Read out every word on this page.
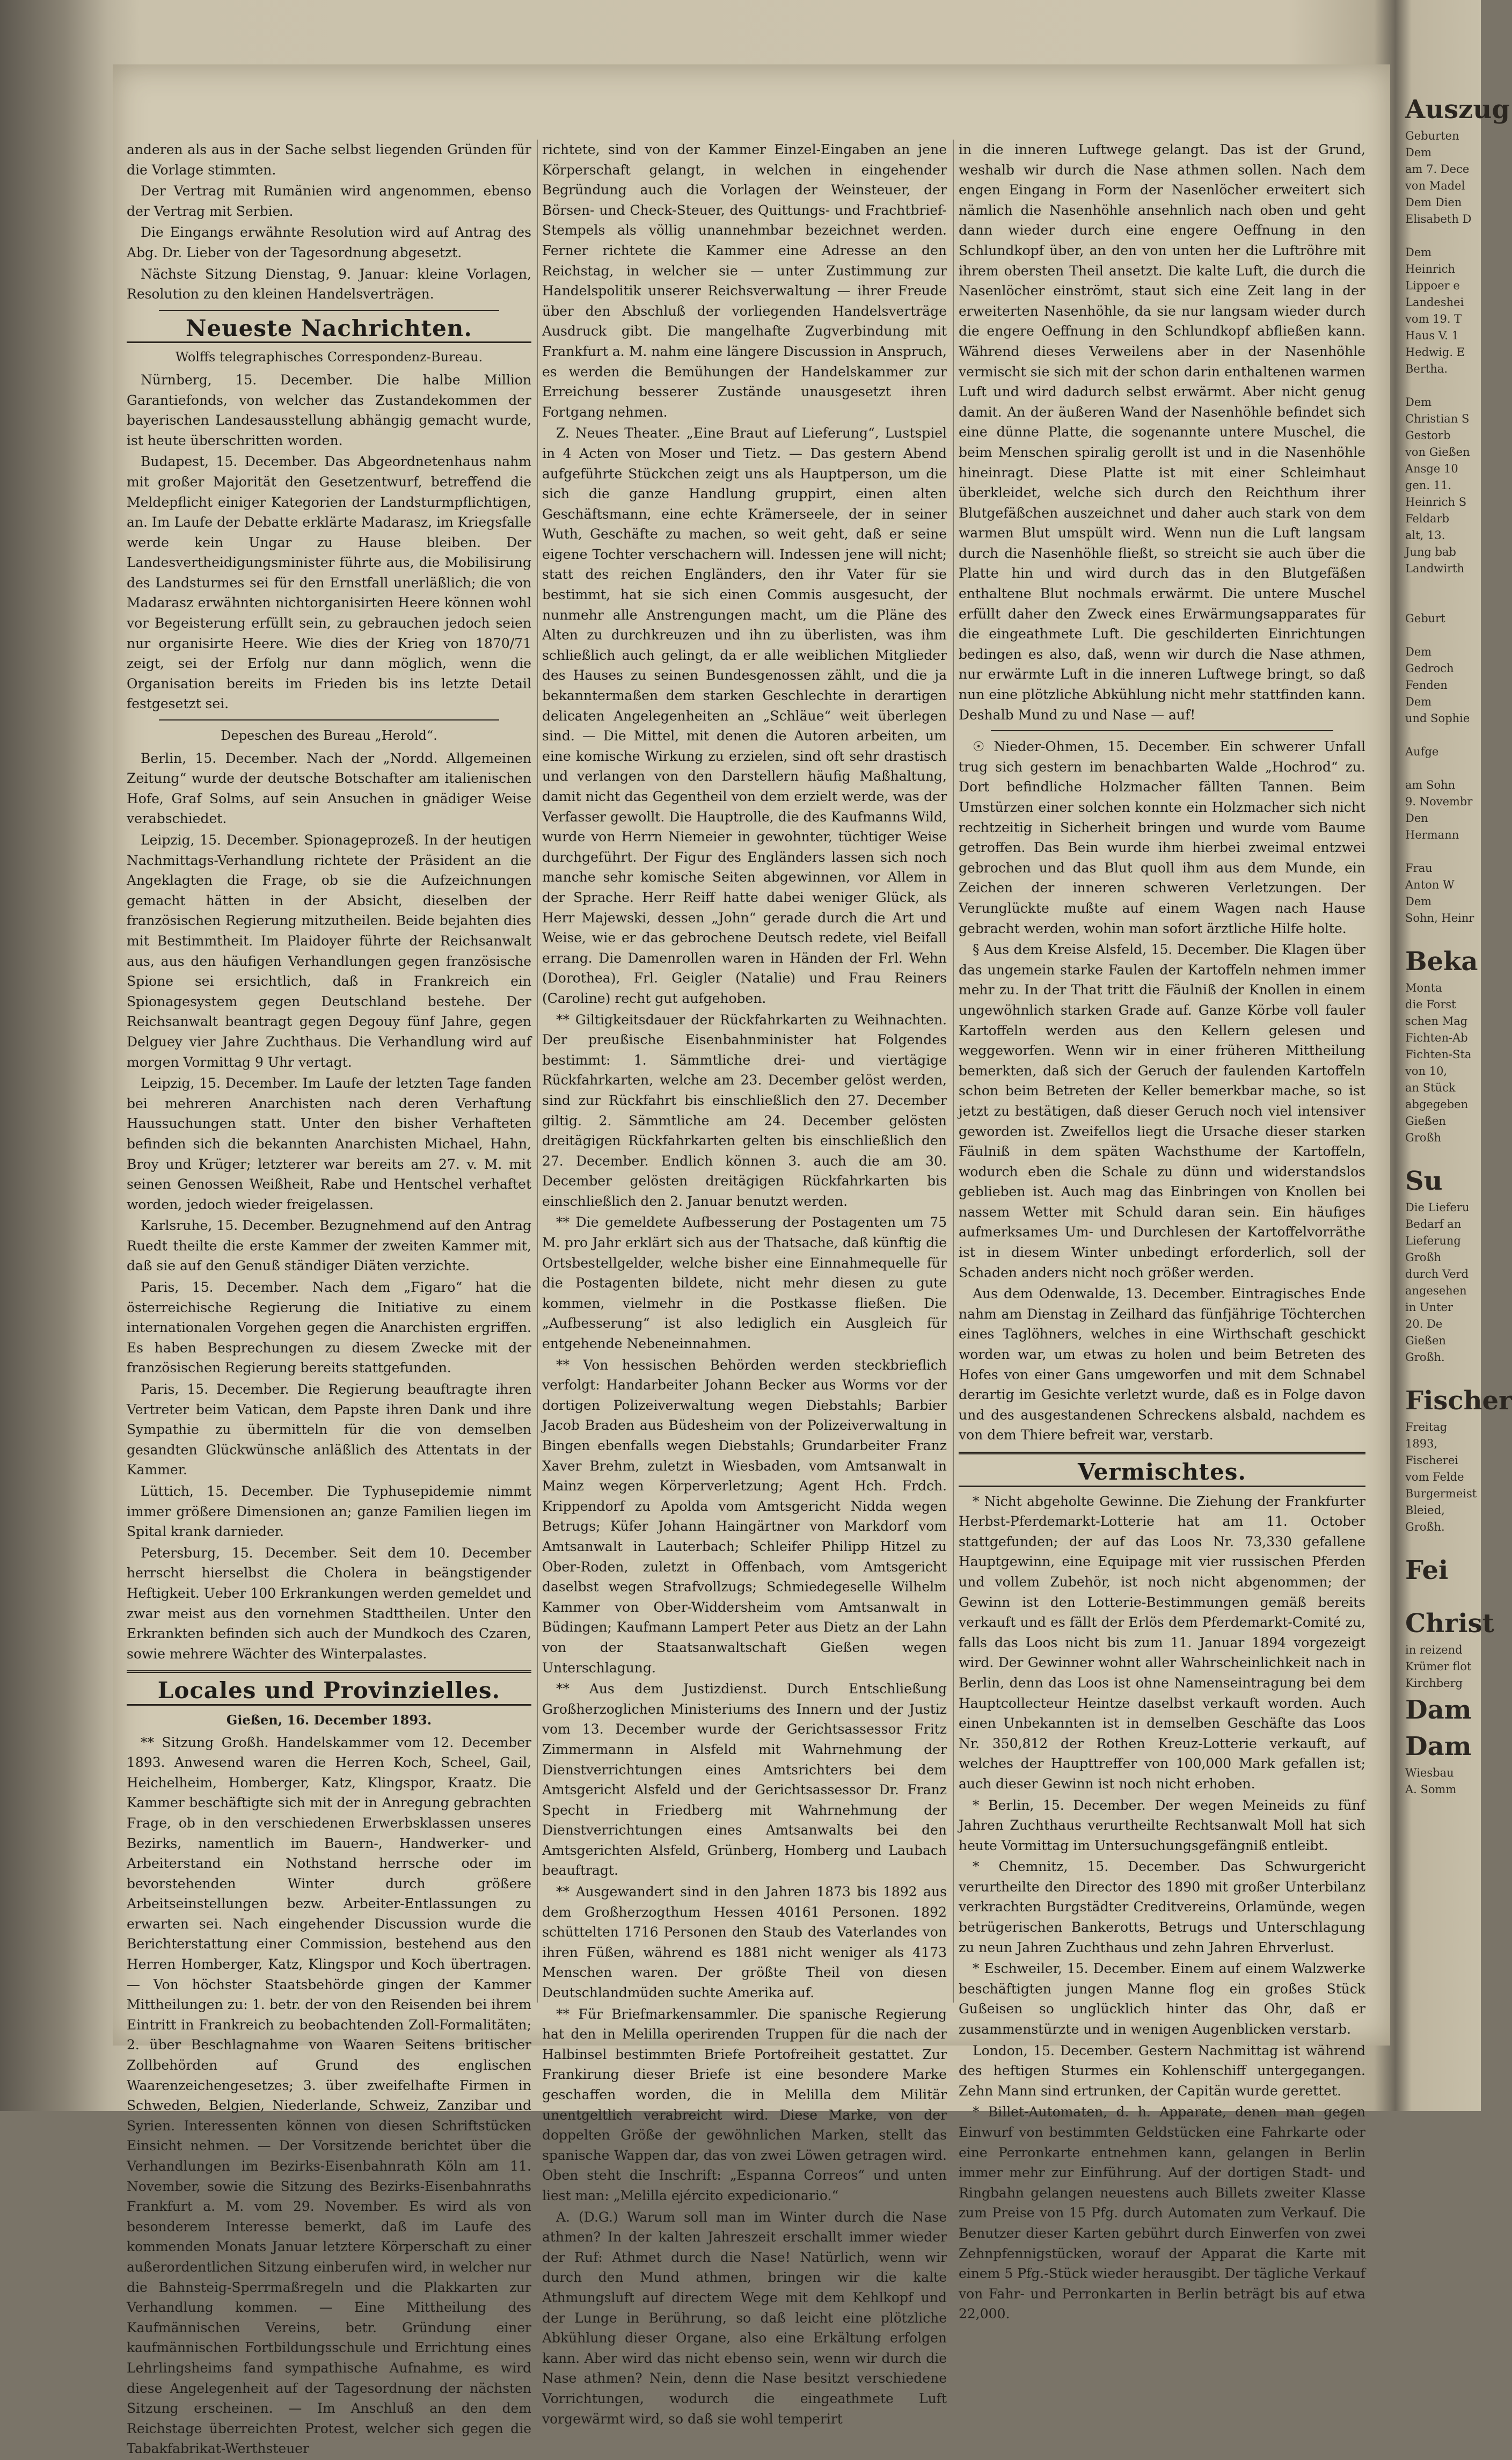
anderen als aus in der Sache selbst liegenden Gründen für die Vorlage stimmten.

Der Vertrag mit Rumänien wird angenommen, ebenso der Vertrag mit Serbien.

Die Eingangs erwähnte Resolution wird auf Antrag des Abg. Dr. Lieber von der Tagesordnung abgesetzt.

Nächste Sitzung Dienstag, 9. Januar: kleine Vorlagen, Resolution zu den kleinen Handelsverträgen.

Neueste Nachrichten.

Wolffs telegraphisches Correspondenz-Bureau.

Nürnberg, 15. December. Die halbe Million Garantiefonds, von welcher das Zustandekommen der bayerischen Landesausstellung abhängig gemacht wurde, ist heute überschritten worden.

Budapest, 15. December. Das Abgeordnetenhaus nahm mit großer Majorität den Gesetzentwurf, betreffend die Meldepflicht einiger Kategorien der Landsturmpflichtigen, an. Im Laufe der Debatte erklärte Madarasz, im Kriegsfalle werde kein Ungar zu Hause bleiben. Der Landesvertheidigungsminister führte aus, die Mobilisirung des Landsturmes sei für den Ernstfall unerläßlich; die von Madarasz erwähnten nichtorganisirten Heere können wohl vor Begeisterung erfüllt sein, zu gebrauchen jedoch seien nur organisirte Heere. Wie dies der Krieg von 1870/71 zeigt, sei der Erfolg nur dann möglich, wenn die Organisation bereits im Frieden bis ins letzte Detail festgesetzt sei.

Depeschen des Bureau „Herold“.

Berlin, 15. December. Nach der „Nordd. Allgemeinen Zeitung“ wurde der deutsche Botschafter am italienischen Hofe, Graf Solms, auf sein Ansuchen in gnädiger Weise verabschiedet.

Leipzig, 15. December. Spionageprozeß. In der heutigen Nachmittags-Verhandlung richtete der Präsident an die Angeklagten die Frage, ob sie die Aufzeichnungen gemacht hätten in der Absicht, dieselben der französischen Regierung mitzutheilen. Beide bejahten dies mit Bestimmtheit. Im Plaidoyer führte der Reichsanwalt aus, aus den häufigen Verhandlungen gegen französische Spione sei ersichtlich, daß in Frankreich ein Spionagesystem gegen Deutschland bestehe. Der Reichsanwalt beantragt gegen Degouy fünf Jahre, gegen Delguey vier Jahre Zuchthaus. Die Verhandlung wird auf morgen Vormittag 9 Uhr vertagt.

Leipzig, 15. December. Im Laufe der letzten Tage fanden bei mehreren Anarchisten nach deren Verhaftung Haussuchungen statt. Unter den bisher Verhafteten befinden sich die bekannten Anarchisten Michael, Hahn, Broy und Krüger; letzterer war bereits am 27. v. M. mit seinen Genossen Weißheit, Rabe und Hentschel verhaftet worden, jedoch wieder freigelassen.

Karlsruhe, 15. December. Bezugnehmend auf den Antrag Ruedt theilte die erste Kammer der zweiten Kammer mit, daß sie auf den Genuß ständiger Diäten verzichte.

Paris, 15. December. Nach dem „Figaro“ hat die österreichische Regierung die Initiative zu einem internationalen Vorgehen gegen die Anarchisten ergriffen. Es haben Besprechungen zu diesem Zwecke mit der französischen Regierung bereits stattgefunden.

Paris, 15. December. Die Regierung beauftragte ihren Vertreter beim Vatican, dem Papste ihren Dank und ihre Sympathie zu übermitteln für die von demselben gesandten Glückwünsche anläßlich des Attentats in der Kammer.

Lüttich, 15. December. Die Typhusepidemie nimmt immer größere Dimensionen an; ganze Familien liegen im Spital krank darnieder.

Petersburg, 15. December. Seit dem 10. December herrscht hierselbst die Cholera in beängstigender Heftigkeit. Ueber 100 Erkrankungen werden gemeldet und zwar meist aus den vornehmen Stadttheilen. Unter den Erkrankten befinden sich auch der Mundkoch des Czaren, sowie mehrere Wächter des Winterpalastes.

Locales und Provinzielles.

Gießen, 16. December 1893.

** Sitzung Großh. Handelskammer vom 12. December 1893. Anwesend waren die Herren Koch, Scheel, Gail, Heichelheim, Homberger, Katz, Klingspor, Kraatz. Die Kammer beschäftigte sich mit der in Anregung gebrachten Frage, ob in den verschiedenen Erwerbsklassen unseres Bezirks, namentlich im Bauern-, Handwerker- und Arbeiterstand ein Nothstand herrsche oder im bevorstehenden Winter durch größere Arbeitseinstellungen bezw. Arbeiter-Entlassungen zu erwarten sei. Nach eingehender Discussion wurde die Berichterstattung einer Commission, bestehend aus den Herren Homberger, Katz, Klingspor und Koch übertragen. — Von höchster Staatsbehörde gingen der Kammer Mittheilungen zu: 1. betr. der von den Reisenden bei ihrem Eintritt in Frankreich zu beobachtenden Zoll-Formalitäten; 2. über Beschlagnahme von Waaren Seitens britischer Zollbehörden auf Grund des englischen Waarenzeichengesetzes; 3. über zweifelhafte Firmen in Schweden, Belgien, Niederlande, Schweiz, Zanzibar und Syrien. Interessenten können von diesen Schriftstücken Einsicht nehmen. — Der Vorsitzende berichtet über die Verhandlungen im Bezirks-Eisenbahnrath Köln am 11. November, sowie die Sitzung des Bezirks-Eisenbahnraths Frankfurt a. M. vom 29. November. Es wird als von besonderem Interesse bemerkt, daß im Laufe des kommenden Monats Januar letztere Körperschaft zu einer außerordentlichen Sitzung einberufen wird, in welcher nur die Bahnsteig-Sperrmaßregeln und die Plakkarten zur Verhandlung kommen. — Eine Mittheilung des Kaufmännischen Vereins, betr. Gründung einer kaufmännischen Fortbildungsschule und Errichtung eines Lehrlingsheims fand sympathische Aufnahme, es wird diese Angelegenheit auf der Tagesordnung der nächsten Sitzung erscheinen. — Im Anschluß an den dem Reichstage überreichten Protest, welcher sich gegen die Tabakfabrikat-Werthsteuer

richtete, sind von der Kammer Einzel-Eingaben an jene Körperschaft gelangt, in welchen in eingehender Begründung auch die Vorlagen der Weinsteuer, der Börsen- und Check-Steuer, des Quittungs- und Frachtbrief-Stempels als völlig unannehmbar bezeichnet werden. Ferner richtete die Kammer eine Adresse an den Reichstag, in welcher sie — unter Zustimmung zur Handelspolitik unserer Reichsverwaltung — ihrer Freude über den Abschluß der vorliegenden Handelsverträge Ausdruck gibt. Die mangelhafte Zugverbindung mit Frankfurt a. M. nahm eine längere Discussion in Anspruch, es werden die Bemühungen der Handelskammer zur Erreichung besserer Zustände unausgesetzt ihren Fortgang nehmen.

Z. Neues Theater. „Eine Braut auf Lieferung“, Lustspiel in 4 Acten von Moser und Tietz. — Das gestern Abend aufgeführte Stückchen zeigt uns als Hauptperson, um die sich die ganze Handlung gruppirt, einen alten Geschäftsmann, eine echte Krämerseele, der in seiner Wuth, Geschäfte zu machen, so weit geht, daß er seine eigene Tochter verschachern will. Indessen jene will nicht; statt des reichen Engländers, den ihr Vater für sie bestimmt, hat sie sich einen Commis ausgesucht, der nunmehr alle Anstrengungen macht, um die Pläne des Alten zu durchkreuzen und ihn zu überlisten, was ihm schließlich auch gelingt, da er alle weiblichen Mitglieder des Hauses zu seinen Bundesgenossen zählt, und die ja bekanntermaßen dem starken Geschlechte in derartigen delicaten Angelegenheiten an „Schläue“ weit überlegen sind. — Die Mittel, mit denen die Autoren arbeiten, um eine komische Wirkung zu erzielen, sind oft sehr drastisch und verlangen von den Darstellern häufig Maßhaltung, damit nicht das Gegentheil von dem erzielt werde, was der Verfasser gewollt. Die Hauptrolle, die des Kaufmanns Wild, wurde von Herrn Niemeier in gewohnter, tüchtiger Weise durchgeführt. Der Figur des Engländers lassen sich noch manche sehr komische Seiten abgewinnen, vor Allem in der Sprache. Herr Reiff hatte dabei weniger Glück, als Herr Majewski, dessen „John“ gerade durch die Art und Weise, wie er das gebrochene Deutsch redete, viel Beifall errang. Die Damenrollen waren in Händen der Frl. Wehn (Dorothea), Frl. Geigler (Natalie) und Frau Reiners (Caroline) recht gut aufgehoben.

** Giltigkeitsdauer der Rückfahrkarten zu Weihnachten. Der preußische Eisenbahnminister hat Folgendes bestimmt: 1. Sämmtliche drei- und viertägige Rückfahrkarten, welche am 23. December gelöst werden, sind zur Rückfahrt bis einschließlich den 27. December giltig. 2. Sämmtliche am 24. December gelösten dreitägigen Rückfahrkarten gelten bis einschließlich den 27. December. Endlich können 3. auch die am 30. December gelösten dreitägigen Rückfahrkarten bis einschließlich den 2. Januar benutzt werden.

** Die gemeldete Aufbesserung der Postagenten um 75 M. pro Jahr erklärt sich aus der Thatsache, daß künftig die Ortsbestellgelder, welche bisher eine Einnahmequelle für die Postagenten bildete, nicht mehr diesen zu gute kommen, vielmehr in die Postkasse fließen. Die „Aufbesserung“ ist also lediglich ein Ausgleich für entgehende Nebeneinnahmen.

** Von hessischen Behörden werden steckbrieflich verfolgt: Handarbeiter Johann Becker aus Worms vor der dortigen Polizeiverwaltung wegen Diebstahls; Barbier Jacob Braden aus Büdesheim von der Polizeiverwaltung in Bingen ebenfalls wegen Diebstahls; Grundarbeiter Franz Xaver Brehm, zuletzt in Wiesbaden, vom Amtsanwalt in Mainz wegen Körperverletzung; Agent Hch. Frdch. Krippendorf zu Apolda vom Amtsgericht Nidda wegen Betrugs; Küfer Johann Haingärtner von Markdorf vom Amtsanwalt in Lauterbach; Schleifer Philipp Hitzel zu Ober-Roden, zuletzt in Offenbach, vom Amtsgericht daselbst wegen Strafvollzugs; Schmiedegeselle Wilhelm Kammer von Ober-Widdersheim vom Amtsanwalt in Büdingen; Kaufmann Lampert Peter aus Dietz an der Lahn von der Staatsanwaltschaft Gießen wegen Unterschlagung.

** Aus dem Justizdienst. Durch Entschließung Großherzoglichen Ministeriums des Innern und der Justiz vom 13. December wurde der Gerichtsassessor Fritz Zimmermann in Alsfeld mit Wahrnehmung der Dienstverrichtungen eines Amtsrichters bei dem Amtsgericht Alsfeld und der Gerichtsassessor Dr. Franz Specht in Friedberg mit Wahrnehmung der Dienstverrichtungen eines Amtsanwalts bei den Amtsgerichten Alsfeld, Grünberg, Homberg und Laubach beauftragt.

** Ausgewandert sind in den Jahren 1873 bis 1892 aus dem Großherzogthum Hessen 40161 Personen. 1892 schüttelten 1716 Personen den Staub des Vaterlandes von ihren Füßen, während es 1881 nicht weniger als 4173 Menschen waren. Der größte Theil von diesen Deutschlandmüden suchte Amerika auf.

** Für Briefmarkensammler. Die spanische Regierung hat den in Melilla operirenden Truppen für die nach der Halbinsel bestimmten Briefe Portofreiheit gestattet. Zur Frankirung dieser Briefe ist eine besondere Marke geschaffen worden, die in Melilla dem Militär unentgeltlich verabreicht wird. Diese Marke, von der doppelten Größe der gewöhnlichen Marken, stellt das spanische Wappen dar, das von zwei Löwen getragen wird. Oben steht die Inschrift: „Espanna Correos“ und unten liest man: „Melilla ejército expedicionario.“

A. (D.G.) Warum soll man im Winter durch die Nase athmen? In der kalten Jahreszeit erschallt immer wieder der Ruf: Athmet durch die Nase! Natürlich, wenn wir durch den Mund athmen, bringen wir die kalte Athmungsluft auf directem Wege mit dem Kehlkopf und der Lunge in Berührung, so daß leicht eine plötzliche Abkühlung dieser Organe, also eine Erkältung erfolgen kann. Aber wird das nicht ebenso sein, wenn wir durch die Nase athmen? Nein, denn die Nase besitzt verschiedene Vorrichtungen, wodurch die eingeathmete Luft vorgewärmt wird, so daß sie wohl temperirt

in die inneren Luftwege gelangt. Das ist der Grund, weshalb wir durch die Nase athmen sollen. Nach dem engen Eingang in Form der Nasenlöcher erweitert sich nämlich die Nasenhöhle ansehnlich nach oben und geht dann wieder durch eine engere Oeffnung in den Schlundkopf über, an den von unten her die Luftröhre mit ihrem obersten Theil ansetzt. Die kalte Luft, die durch die Nasenlöcher einströmt, staut sich eine Zeit lang in der erweiterten Nasenhöhle, da sie nur langsam wieder durch die engere Oeffnung in den Schlundkopf abfließen kann. Während dieses Verweilens aber in der Nasenhöhle vermischt sie sich mit der schon darin enthaltenen warmen Luft und wird dadurch selbst erwärmt. Aber nicht genug damit. An der äußeren Wand der Nasenhöhle befindet sich eine dünne Platte, die sogenannte untere Muschel, die beim Menschen spiralig gerollt ist und in die Nasenhöhle hineinragt. Diese Platte ist mit einer Schleimhaut überkleidet, welche sich durch den Reichthum ihrer Blutgefäßchen auszeichnet und daher auch stark von dem warmen Blut umspült wird. Wenn nun die Luft langsam durch die Nasenhöhle fließt, so streicht sie auch über die Platte hin und wird durch das in den Blutgefäßen enthaltene Blut nochmals erwärmt. Die untere Muschel erfüllt daher den Zweck eines Erwärmungsapparates für die eingeathmete Luft. Die geschilderten Einrichtungen bedingen es also, daß, wenn wir durch die Nase athmen, nur erwärmte Luft in die inneren Luftwege bringt, so daß nun eine plötzliche Abkühlung nicht mehr stattfinden kann. Deshalb Mund zu und Nase — auf!

☉ Nieder-Ohmen, 15. December. Ein schwerer Unfall trug sich gestern im benachbarten Walde „Hochrod“ zu. Dort befindliche Holzmacher fällten Tannen. Beim Umstürzen einer solchen konnte ein Holzmacher sich nicht rechtzeitig in Sicherheit bringen und wurde vom Baume getroffen. Das Bein wurde ihm hierbei zweimal entzwei gebrochen und das Blut quoll ihm aus dem Munde, ein Zeichen der inneren schweren Verletzungen. Der Verunglückte mußte auf einem Wagen nach Hause gebracht werden, wohin man sofort ärztliche Hilfe holte.

§ Aus dem Kreise Alsfeld, 15. December. Die Klagen über das ungemein starke Faulen der Kartoffeln nehmen immer mehr zu. In der That tritt die Fäulniß der Knollen in einem ungewöhnlich starken Grade auf. Ganze Körbe voll fauler Kartoffeln werden aus den Kellern gelesen und weggeworfen. Wenn wir in einer früheren Mittheilung bemerkten, daß sich der Geruch der faulenden Kartoffeln schon beim Betreten der Keller bemerkbar mache, so ist jetzt zu bestätigen, daß dieser Geruch noch viel intensiver geworden ist. Zweifellos liegt die Ursache dieser starken Fäulniß in dem späten Wachsthume der Kartoffeln, wodurch eben die Schale zu dünn und widerstandslos geblieben ist. Auch mag das Einbringen von Knollen bei nassem Wetter mit Schuld daran sein. Ein häufiges aufmerksames Um- und Durchlesen der Kartoffelvorräthe ist in diesem Winter unbedingt erforderlich, soll der Schaden anders nicht noch größer werden.

Aus dem Odenwalde, 13. December. Eintragisches Ende nahm am Dienstag in Zeilhard das fünfjährige Töchterchen eines Taglöhners, welches in eine Wirthschaft geschickt worden war, um etwas zu holen und beim Betreten des Hofes von einer Gans umgeworfen und mit dem Schnabel derartig im Gesichte verletzt wurde, daß es in Folge davon und des ausgestandenen Schreckens alsbald, nachdem es von dem Thiere befreit war, verstarb.

Vermischtes.

* Nicht abgeholte Gewinne. Die Ziehung der Frankfurter Herbst-Pferdemarkt-Lotterie hat am 11. October stattgefunden; der auf das Loos Nr. 73,330 gefallene Hauptgewinn, eine Equipage mit vier russischen Pferden und vollem Zubehör, ist noch nicht abgenommen; der Gewinn ist den Lotterie-Bestimmungen gemäß bereits verkauft und es fällt der Erlös dem Pferdemarkt-Comité zu, falls das Loos nicht bis zum 11. Januar 1894 vorgezeigt wird. Der Gewinner wohnt aller Wahrscheinlichkeit nach in Berlin, denn das Loos ist ohne Namenseintragung bei dem Hauptcollecteur Heintze daselbst verkauft worden. Auch einen Unbekannten ist in demselben Geschäfte das Loos Nr. 350,812 der Rothen Kreuz-Lotterie verkauft, auf welches der Haupttreffer von 100,000 Mark gefallen ist; auch dieser Gewinn ist noch nicht erhoben.

* Berlin, 15. December. Der wegen Meineids zu fünf Jahren Zuchthaus verurtheilte Rechtsanwalt Moll hat sich heute Vormittag im Untersuchungsgefängniß entleibt.

* Chemnitz, 15. December. Das Schwurgericht verurtheilte den Director des 1890 mit großer Unterbilanz verkrachten Burgstädter Creditvereins, Orlamünde, wegen betrügerischen Bankerotts, Betrugs und Unterschlagung zu neun Jahren Zuchthaus und zehn Jahren Ehrverlust.

* Eschweiler, 15. December. Einem auf einem Walzwerke beschäftigten jungen Manne flog ein großes Stück Gußeisen so unglücklich hinter das Ohr, daß er zusammenstürzte und in wenigen Augenblicken verstarb.

London, 15. December. Gestern Nachmittag ist während des heftigen Sturmes ein Kohlenschiff untergegangen. Zehn Mann sind ertrunken, der Capitän wurde gerettet.

* Billet-Automaten, d. h. Apparate, denen man gegen Einwurf von bestimmten Geldstücken eine Fahrkarte oder eine Perronkarte entnehmen kann, gelangen in Berlin immer mehr zur Einführung. Auf der dortigen Stadt- und Ringbahn gelangen neuestens auch Billets zweiter Klasse zum Preise von 15 Pfg. durch Automaten zum Verkauf. Die Benutzer dieser Karten gebührt durch Einwerfen von zwei Zehnpfennigstücken, worauf der Apparat die Karte mit einem 5 Pfg.-Stück wieder herausgibt. Der tägliche Verkauf von Fahr- und Perronkarten in Berlin beträgt bis auf etwa 22,000.

Auszug
Geburten
Dem
am 7. Dece
von Madel
Dem Dien
Elisabeth D
Dem
Heinrich
Lippoer e
Landeshei
vom 19. T
Haus V. 1
Hedwig. E
Bertha.
Dem
Christian S
Gestorb
von Gießen
Ansge 10
gen. 11.
Heinrich S
Feldarb
alt, 13.
Jung bab
Landwirth
Geburt
Dem
Gedroch
Fenden
Dem
und Sophie
Aufge
am Sohn
9. Novembr
Den
Hermann
Frau
Anton W
Dem
Sohn, Heinr
Beka
Monta
die Forst
schen Mag
Fichten-Ab
Fichten-Sta
von 10,
an Stück
abgegeben
Gießen
Großh
Su
Die Lieferu
Bedarf an
Lieferung
Großh
durch Verd
angesehen
in Unter
20. De
Gießen
Großh.
Fischer
Freitag
1893,
Fischerei
vom Felde
Burgermeist
Bleied,
Großh.
Fei
Christ
in reizend
Krümer flot
Kirchberg
Dam
Dam
Wiesbau
A. Somm
